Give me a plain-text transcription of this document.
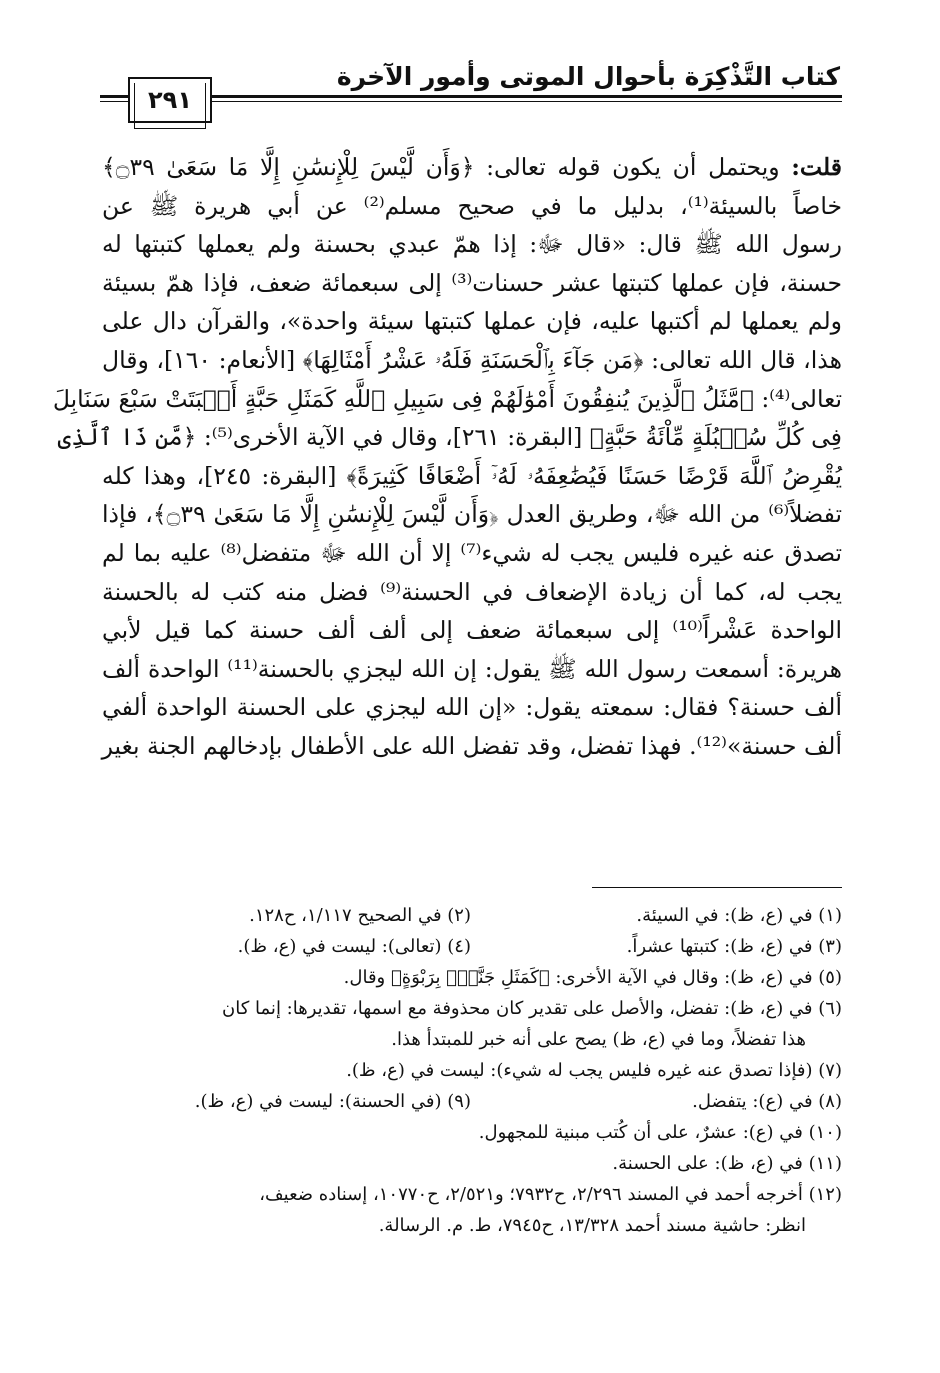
كتاب التَّذْكِرَة بأحوال الموتى وأمور الآخرة
٢٩١
قلت: ويحتمل أن يكون قوله تعالى: ﴿وَأَن لَّيْسَ لِلْإِنسَٰنِ إِلَّا مَا سَعَىٰ ۝٣٩﴾
خاصاً بالسيئة⁽¹⁾، بدليل ما في صحيح مسلم⁽²⁾ عن أبي هريرة ﷺ عن
رسول الله ﷺ قال: «قال ﷻ: إذا همّ عبدي بحسنة ولم يعملها كتبتها له
حسنة، فإن عملها كتبتها عشر حسنات⁽³⁾ إلى سبعمائة ضعف، فإذا همّ بسيئة
ولم يعملها لم أكتبها عليه، فإن عملها كتبتها سيئة واحدة»، والقرآن دال على
هذا، قال الله تعالى: ﴿مَن جَآءَ بِٱلْحَسَنَةِ فَلَهُۥ عَشْرُ أَمْثَالِهَا﴾ [الأنعام: ١٦٠]، وقال
تعالى⁽⁴⁾: ﴿مَّثَلُ ٱلَّذِينَ يُنفِقُونَ أَمْوَٰلَهُمْ فِى سَبِيلِ ٱللَّهِ كَمَثَلِ حَبَّةٍ أَنۢبَتَتْ سَبْعَ سَنَابِلَ
فِى كُلِّ سُنۢبُلَةٍ مِّاْئَةُ حَبَّةٍ﴾ [البقرة: ٢٦١]، وقال في الآية الأخرى⁽⁵⁾: ﴿مَّن ذَا ٱلَّذِى
يُقْرِضُ ٱللَّهَ قَرْضًا حَسَنًا فَيُضَٰعِفَهُۥ لَهُۥٓ أَضْعَافًا كَثِيرَةً﴾ [البقرة: ٢٤٥]، وهذا كله
تفضلاً⁽⁶⁾ من الله ﷻ، وطريق العدل ﴿وَأَن لَّيْسَ لِلْإِنسَٰنِ إِلَّا مَا سَعَىٰ ۝٣٩﴾، فإذا
تصدق عنه غيره فليس يجب له شيء⁽⁷⁾ إلا أن الله ﷻ متفضل⁽⁸⁾ عليه بما لم
يجب له، كما أن زيادة الإضعاف في الحسنة⁽⁹⁾ فضل منه كتب له بالحسنة
الواحدة عَشْراً⁽¹⁰⁾ إلى سبعمائة ضعف إلى ألف ألف حسنة كما قيل لأبي
هريرة: أسمعت رسول الله ﷺ يقول: إن الله ليجزي بالحسنة⁽¹¹⁾ الواحدة ألف
ألف حسنة؟ فقال: سمعته يقول: «إن الله ليجزي على الحسنة الواحدة ألفي
ألف حسنة»⁽¹²⁾. فهذا تفضل، وقد تفضل الله على الأطفال بإدخالهم الجنة بغير
(١) في (ع، ظ): في السيئة.
(٢) في الصحيح ١/١١٧، ح١٢٨.
(٣) في (ع، ظ): كتبتها عشراً.
(٤) (تعالى): ليست في (ع، ظ).
(٥) في (ع، ظ): وقال في الآية الأخرى: ﴿كَمَثَلِ جَنَّةٍۭ بِرَبْوَةٍ﴾ وقال.
(٦) في (ع، ظ): تفضل، والأصل على تقدير كان محذوفة مع اسمها، تقديرها: إنما كان
هذا تفضلاً، وما في (ع، ظ) يصح على أنه خبر للمبتدأ هذا.
(٧) (فإذا تصدق عنه غيره فليس يجب له شيء): ليست في (ع، ظ).
(٨) في (ع): يتفضل.
(٩) (في الحسنة): ليست في (ع، ظ).
(١٠) في (ع): عشرٌ، على أن كُتب مبنية للمجهول.
(١١) في (ع، ظ): على الحسنة.
(١٢) أخرجه أحمد في المسند ٢/٢٩٦، ح٧٩٣٢؛ و٢/٥٢١، ح١٠٧٧٠، إسناده ضعيف،
انظر: حاشية مسند أحمد ١٣/٣٢٨، ح٧٩٤٥، ط. م. الرسالة.
